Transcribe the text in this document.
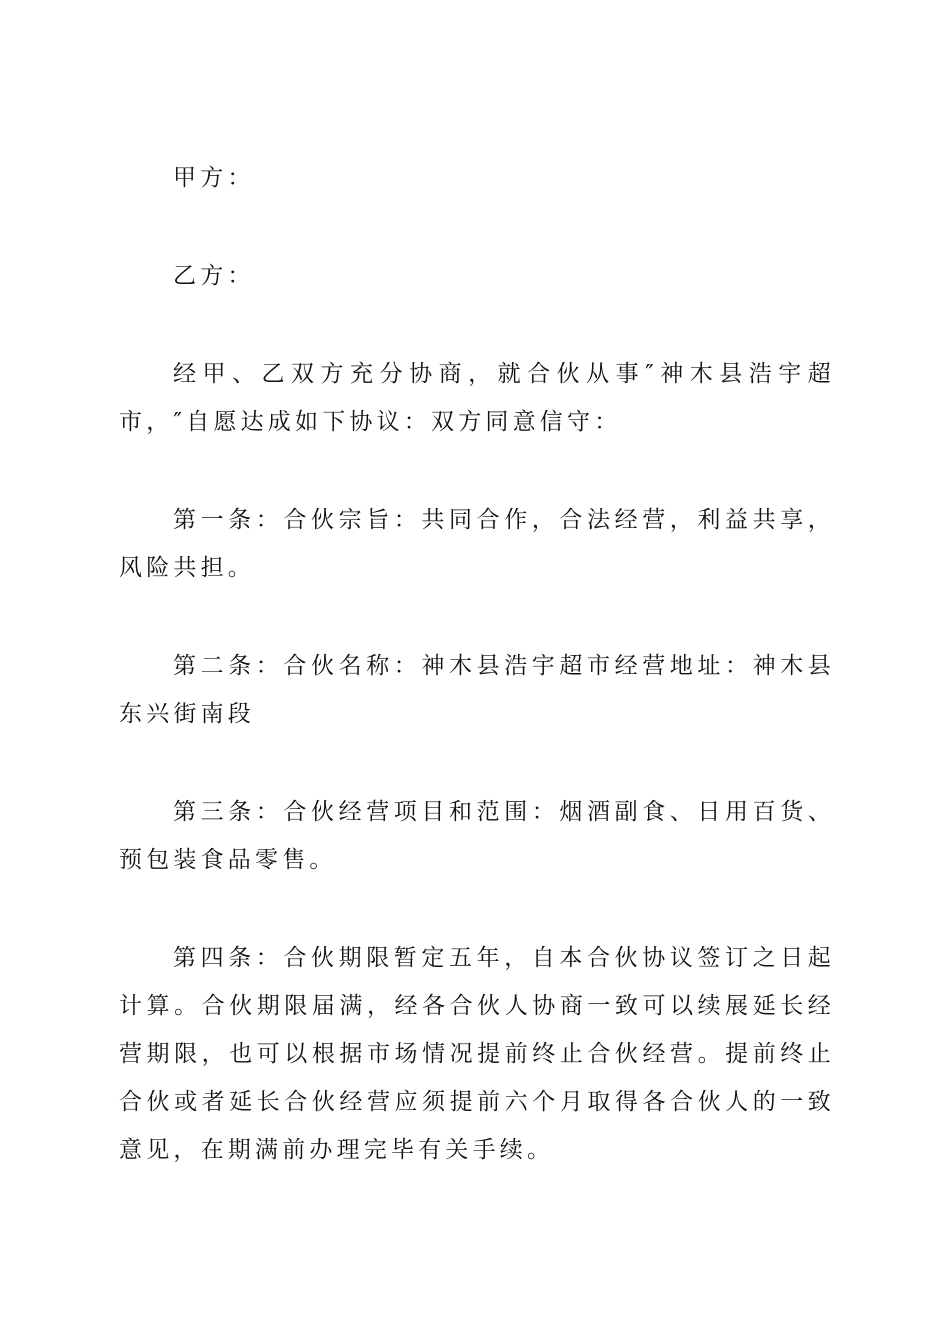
甲方：

乙方：

经甲、乙双方充分协商，就合伙从事″神木县浩宇超市，″自愿达成如下协议：双方同意信守：

第一条：合伙宗旨：共同合作，合法经营，利益共享，风险共担。

第二条：合伙名称：神木县浩宇超市经营地址：神木县东兴街南段

第三条：合伙经营项目和范围：烟酒副食、日用百货、预包装食品零售。

第四条：合伙期限暂定五年，自本合伙协议签订之日起计算。合伙期限届满，经各合伙人协商一致可以续展延长经营期限，也可以根据市场情况提前终止合伙经营。提前终止合伙或者延长合伙经营应须提前六个月取得各合伙人的一致意见，在期满前办理完毕有关手续。
